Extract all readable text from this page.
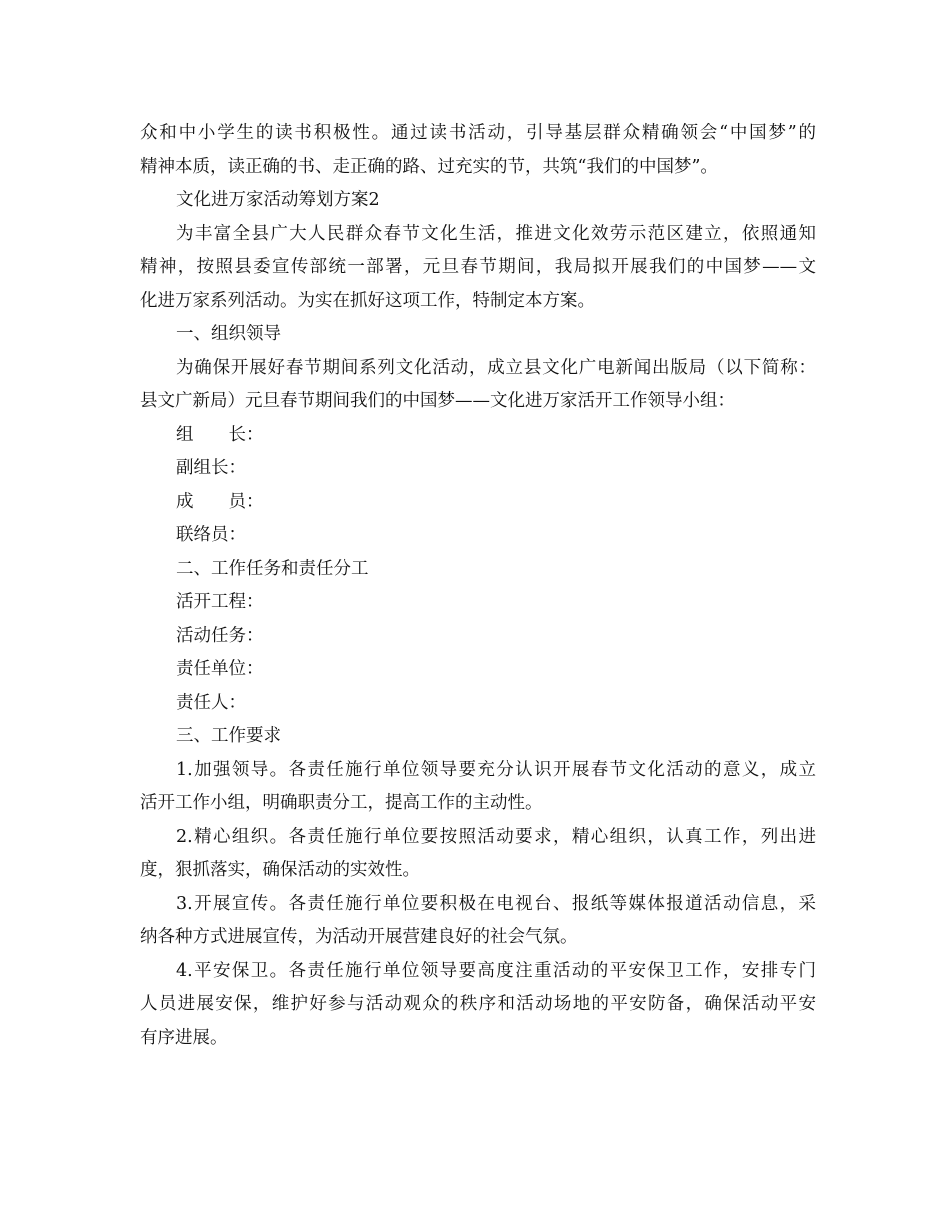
众和中小学生的读书积极性。通过读书活动，引导基层群众精确领会“中国梦”的
精神本质，读正确的书、走正确的路、过充实的节，共筑“我们的中国梦”。
文化进万家活动筹划方案2
为丰富全县广大人民群众春节文化生活，推进文化效劳示范区建立，依照通知
精神，按照县委宣传部统一部署，元旦春节期间，我局拟开展我们的中国梦——文
化进万家系列活动。为实在抓好这项工作，特制定本方案。
一、组织领导
为确保开展好春节期间系列文化活动，成立县文化广电新闻出版局（以下简称：
县文广新局）元旦春节期间我们的中国梦——文化进万家活开工作领导小组：
组　　长：
副组长：
成　　员：
联络员：
二、工作任务和责任分工
活开工程：
活动任务：
责任单位：
责任人：
三、工作要求
1.加强领导。各责任施行单位领导要充分认识开展春节文化活动的意义，成立
活开工作小组，明确职责分工，提高工作的主动性。
2.精心组织。各责任施行单位要按照活动要求，精心组织，认真工作，列出进
度，狠抓落实，确保活动的实效性。
3.开展宣传。各责任施行单位要积极在电视台、报纸等媒体报道活动信息，采
纳各种方式进展宣传，为活动开展营建良好的社会气氛。
4.平安保卫。各责任施行单位领导要高度注重活动的平安保卫工作，安排专门
人员进展安保，维护好参与活动观众的秩序和活动场地的平安防备，确保活动平安
有序进展。
